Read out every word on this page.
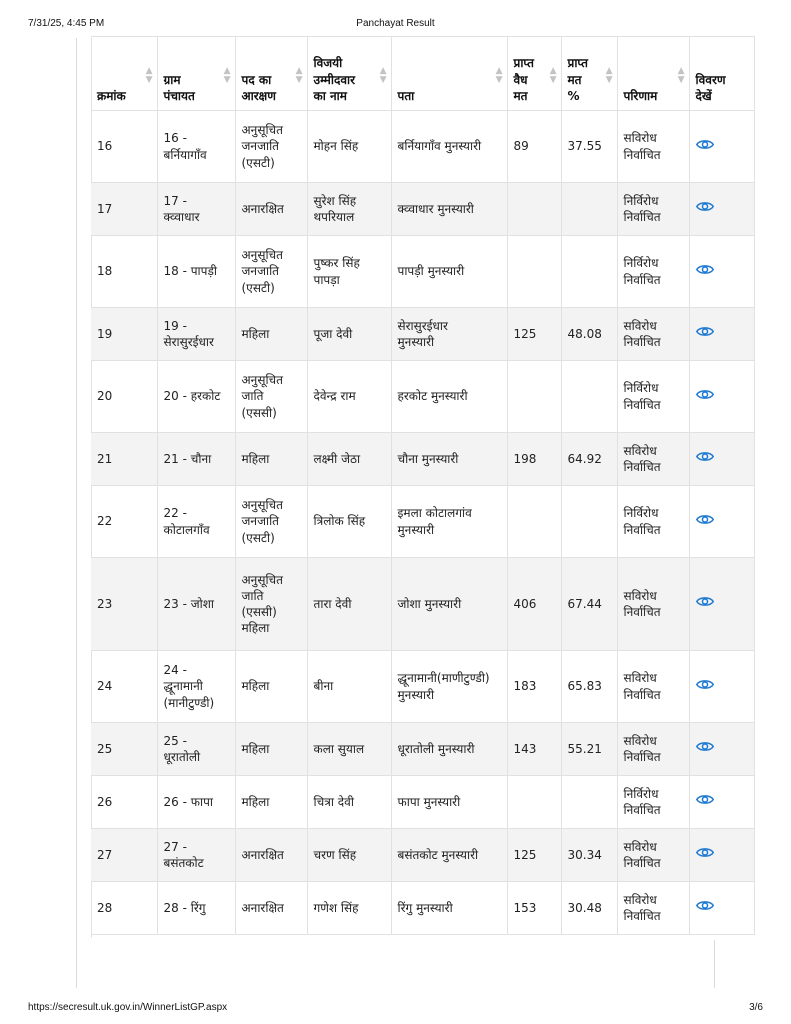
7/31/25, 4:45 PM	Panchayat Result
क्रमांक
▲
▼	ग्राम
पंचायत
▲
▼	पद का
आरक्षण
▲
▼	विजयी
उम्मीदवार
का नाम
▲
▼	पता
▲
▼	प्राप्त
वैध
मत
▲
▼	प्राप्त
मत
%
▲
▼	परिणाम
▲
▼	विवरण
देखें
16	16 -
बर्नियागाँव	अनुसूचित
जनजाति
(एसटी)	मोहन सिंह	बर्नियागाँव मुनस्यारी	89	37.55	सविरोध
निर्वाचित	
17	17 -
क्व्वाधार	अनारक्षित	सुरेश सिंह
थपरियाल	क्व्वाधार मुनस्यारी			निर्विरोध
निर्वाचित	
18	18 - पापड़ी	अनुसूचित
जनजाति
(एसटी)	पुष्कर सिंह
पापड़ा	पापड़ी मुनस्यारी			निर्विरोध
निर्वाचित	
19	19 -
सेरासुरईधार	महिला	पूजा देवी	सेरासुरईधार
मुनस्यारी	125	48.08	सविरोध
निर्वाचित	
20	20 - हरकोट	अनुसूचित
जाति
(एससी)	देवेन्द्र राम	हरकोट मुनस्यारी			निर्विरोध
निर्वाचित	
21	21 - चौना	महिला	लक्ष्मी जेठा	चौना मुनस्यारी	198	64.92	सविरोध
निर्वाचित	
22	22 -
कोटालगाँव	अनुसूचित
जनजाति
(एसटी)	त्रिलोक सिंह	इमला कोटालगांव
मुनस्यारी			निर्विरोध
निर्वाचित	
23	23 - जोशा	अनुसूचित
जाति
(एससी)
महिला	तारा देवी	जोशा मुनस्यारी	406	67.44	सविरोध
निर्वाचित	
24	24 -
द्धूनामानी
(मानीटुण्डी)	महिला	बीना	द्धूनामानी(माणीटुण्डी)
मुनस्यारी	183	65.83	सविरोध
निर्वाचित	
25	25 -
धूरातोली	महिला	कला सुयाल	धूरातोली मुनस्यारी	143	55.21	सविरोध
निर्वाचित	
26	26 - फापा	महिला	चित्रा देवी	फापा मुनस्यारी			निर्विरोध
निर्वाचित	
27	27 -
बसंतकोट	अनारक्षित	चरण सिंह	बसंतकोट मुनस्यारी	125	30.34	सविरोध
निर्वाचित	
28	28 - रिंगु	अनारक्षित	गणेश सिंह	रिंगु मुनस्यारी	153	30.48	सविरोध
निर्वाचित	
https://secresult.uk.gov.in/WinnerListGP.aspx	3/6
